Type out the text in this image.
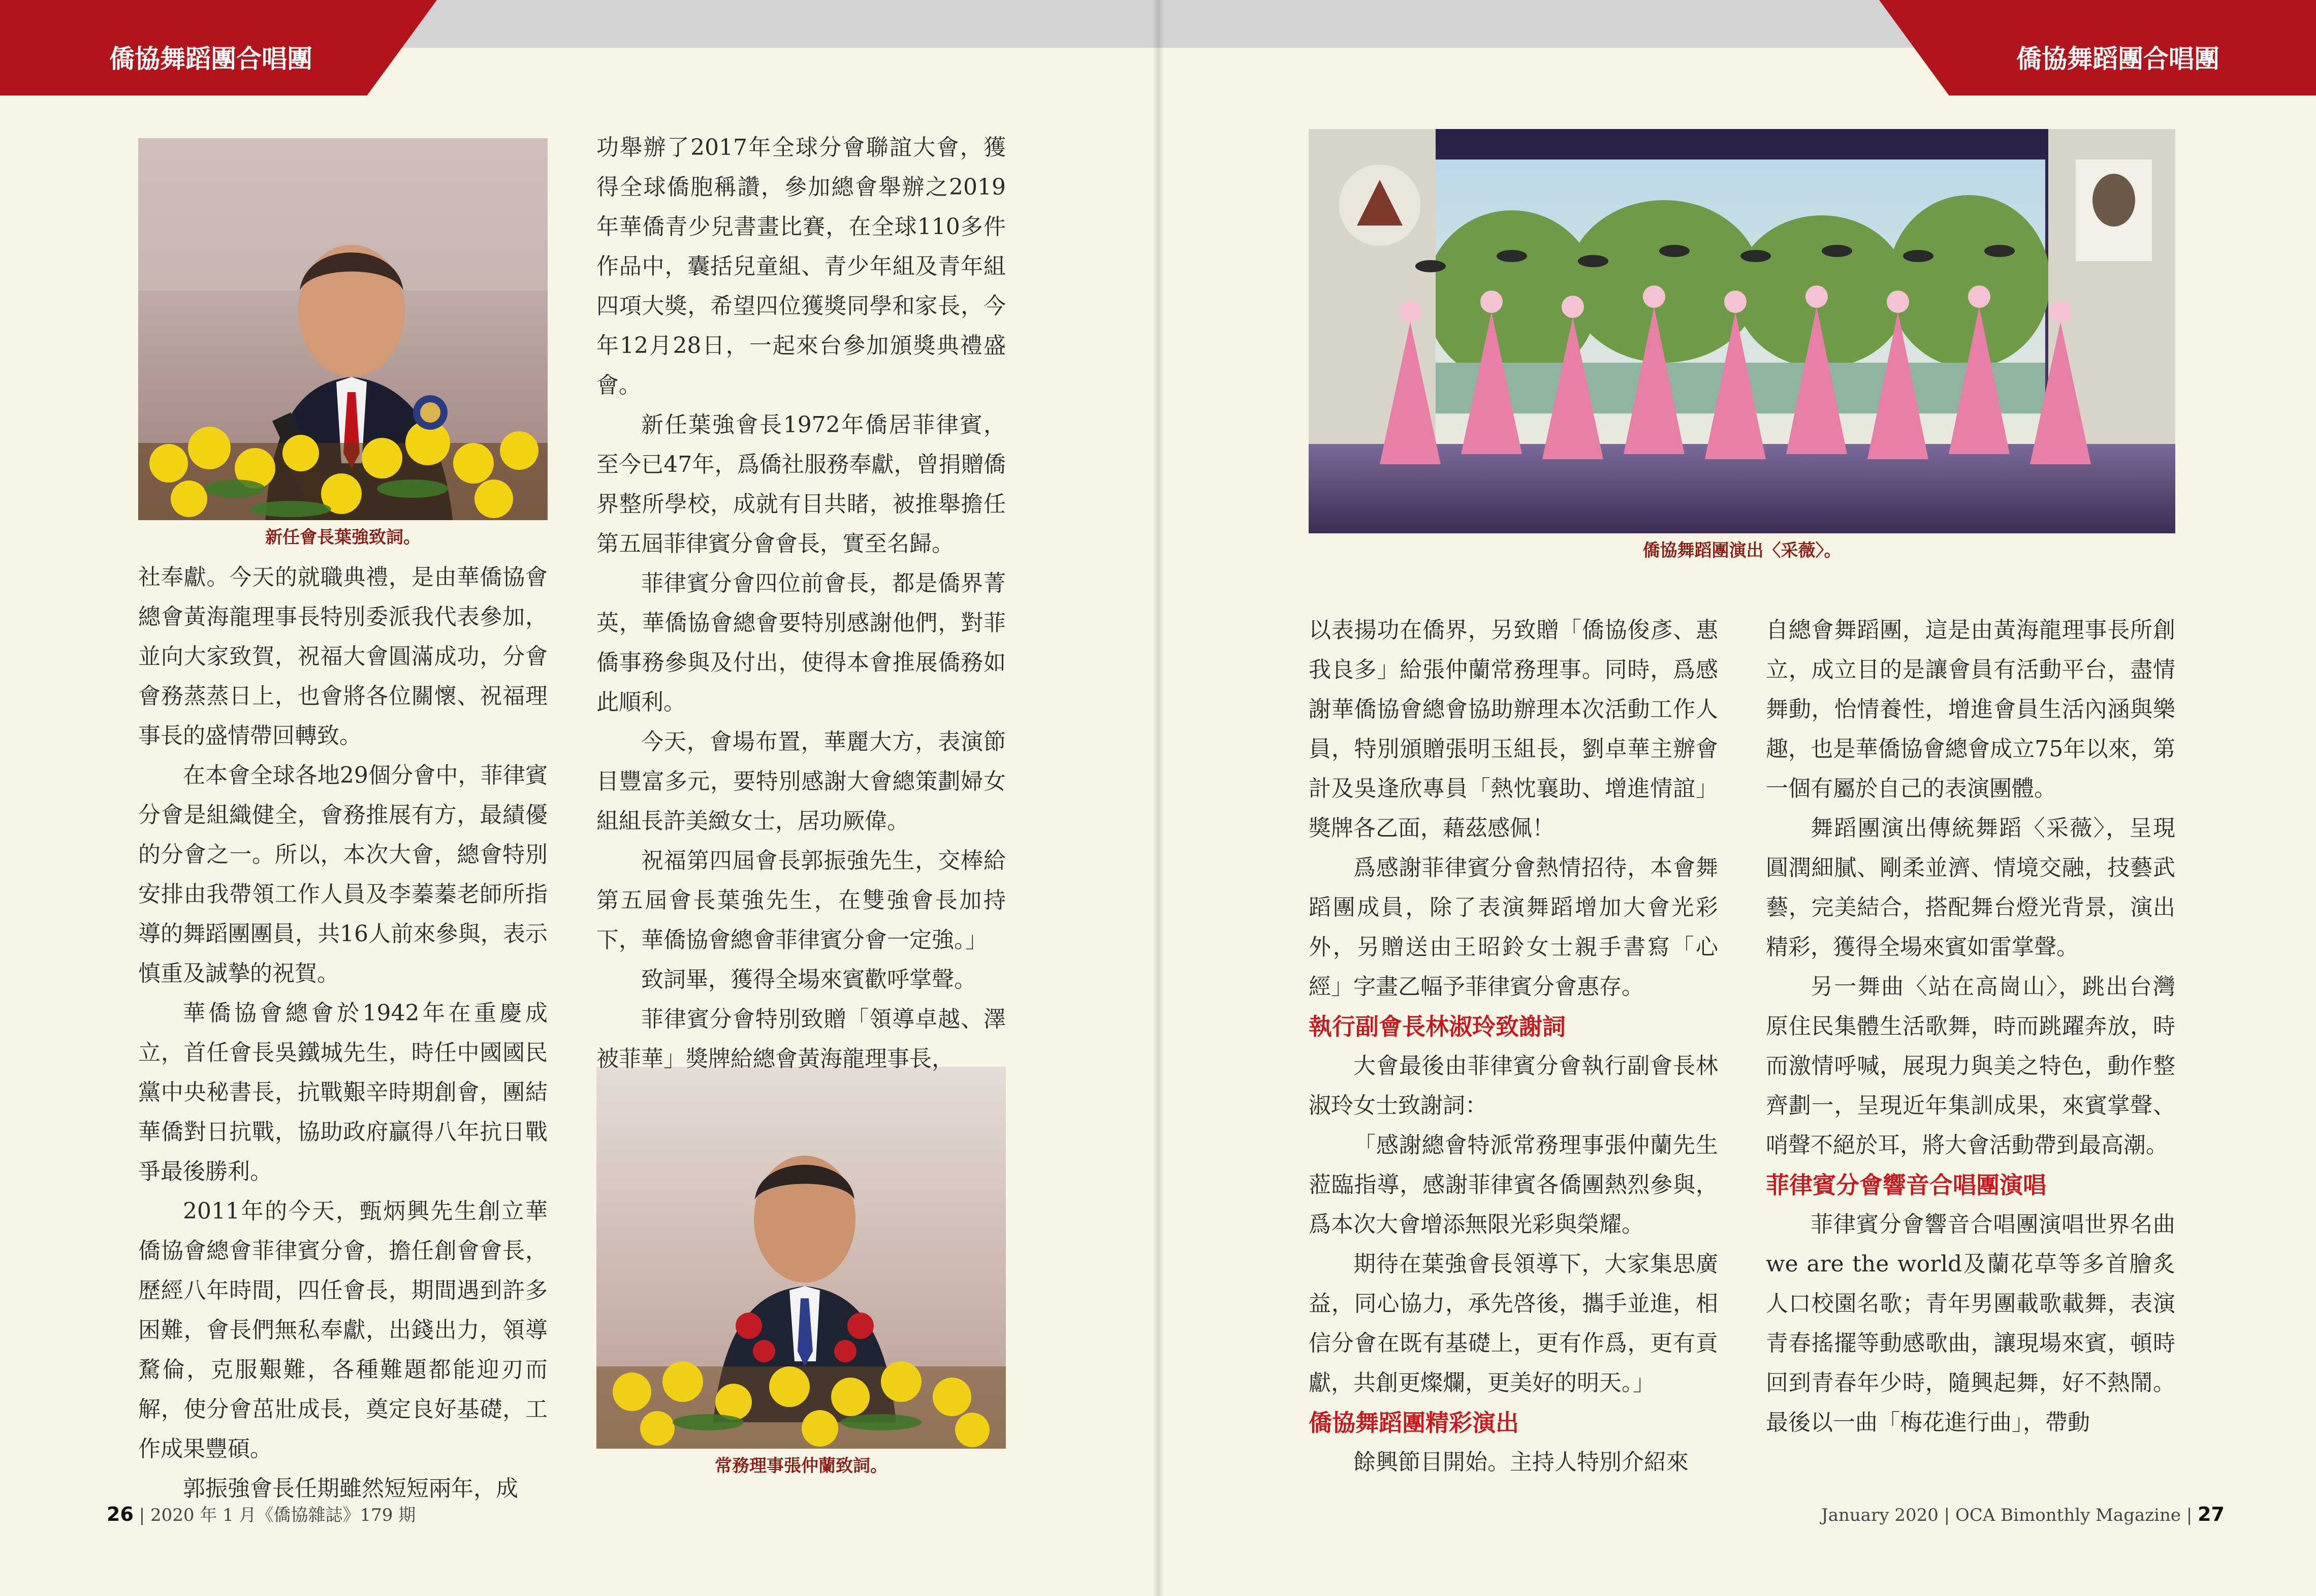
僑協舞蹈團合唱團	僑協舞蹈團合唱團
新任會長葉強致詞。
常務理事張仲蘭致詞。
僑協舞蹈團演出〈采薇〉。

社奉獻。今天的就職典禮，是由華僑協會總會黃海龍理事長特別委派我代表參加，並向大家致賀，祝福大會圓滿成功，分會會務蒸蒸日上，也會將各位關懷、祝福理事長的盛情帶回轉致。

在本會全球各地29個分會中，菲律賓分會是組織健全，會務推展有方，最績優的分會之一。所以，本次大會，總會特別安排由我帶領工作人員及李蓁蓁老師所指導的舞蹈團團員，共16人前來參與，表示慎重及誠摯的祝賀。

華僑協會總會於1942年在重慶成立，首任會長吳鐵城先生，時任中國國民黨中央秘書長，抗戰艱辛時期創會，團結華僑對日抗戰，協助政府贏得八年抗日戰爭最後勝利。

2011年的今天，甄炳興先生創立華僑協會總會菲律賓分會，擔任創會會長，歷經八年時間，四任會長，期間遇到許多困難，會長們無私奉獻，出錢出力，領導騖倫，克服艱難，各種難題都能迎刃而解，使分會茁壯成長，奠定良好基礎，工作成果豐碩。

郭振強會長任期雖然短短兩年，成

功舉辦了2017年全球分會聯誼大會，獲得全球僑胞稱讚，參加總會舉辦之2019年華僑青少兒書畫比賽，在全球110多件作品中，囊括兒童組、青少年組及青年組四項大獎，希望四位獲獎同學和家長，今年12月28日，一起來台參加頒獎典禮盛會。

新任葉強會長1972年僑居菲律賓，至今已47年，爲僑社服務奉獻，曾捐贈僑界整所學校，成就有目共睹，被推舉擔任第五屆菲律賓分會會長，實至名歸。

菲律賓分會四位前會長，都是僑界菁英，華僑協會總會要特別感謝他們，對菲僑事務參與及付出，使得本會推展僑務如此順利。

今天，會場布置，華麗大方，表演節目豐富多元，要特別感謝大會總策劃婦女組組長許美緻女士，居功厥偉。

祝福第四屆會長郭振強先生，交棒給第五屆會長葉強先生，在雙強會長加持下，華僑協會總會菲律賓分會一定強。」

致詞畢，獲得全場來賓歡呼掌聲。

菲律賓分會特別致贈「領導卓越、澤被菲華」獎牌給總會黃海龍理事長，

以表揚功在僑界，另致贈「僑協俊彥、惠我良多」給張仲蘭常務理事。同時，爲感謝華僑協會總會協助辦理本次活動工作人員，特別頒贈張明玉組長，劉卓華主辦會計及吳逢欣專員「熱忱襄助、增進情誼」獎牌各乙面，藉茲感佩！

爲感謝菲律賓分會熱情招待，本會舞蹈團成員，除了表演舞蹈增加大會光彩外，另贈送由王昭鈴女士親手書寫「心經」字畫乙幅予菲律賓分會惠存。

執行副會長林淑玲致謝詞

大會最後由菲律賓分會執行副會長林淑玲女士致謝詞：

「感謝總會特派常務理事張仲蘭先生蒞臨指導，感謝菲律賓各僑團熱烈參與，爲本次大會增添無限光彩與榮耀。

期待在葉強會長領導下，大家集思廣益，同心協力，承先啓後，攜手並進，相信分會在既有基礎上，更有作爲，更有貢獻，共創更燦爛，更美好的明天。」

僑協舞蹈團精彩演出

餘興節目開始。主持人特別介紹來

自總會舞蹈團，這是由黃海龍理事長所創立，成立目的是讓會員有活動平台，盡情舞動，怡情養性，增進會員生活內涵與樂趣，也是華僑協會總會成立75年以來，第一個有屬於自己的表演團體。

舞蹈團演出傳統舞蹈〈采薇〉，呈現圓潤細膩、剛柔並濟、情境交融，技藝武藝，完美結合，搭配舞台燈光背景，演出精彩，獲得全場來賓如雷掌聲。

另一舞曲〈站在高崗山〉，跳出台灣原住民集體生活歌舞，時而跳躍奔放，時而激情呼喊，展現力與美之特色，動作整齊劃一，呈現近年集訓成果，來賓掌聲、哨聲不絕於耳，將大會活動帶到最高潮。

菲律賓分會響音合唱團演唱

菲律賓分會響音合唱團演唱世界名曲we are the world及蘭花草等多首膾炙人口校園名歌；青年男團載歌載舞，表演青春搖擺等動感歌曲，讓現場來賓，頓時回到青春年少時，隨興起舞，好不熱鬧。最後以一曲「梅花進行曲」，帶動

26 | 2020 年 1 月《僑協雜誌》179 期	January 2020 | OCA Bimonthly Magazine | 27
